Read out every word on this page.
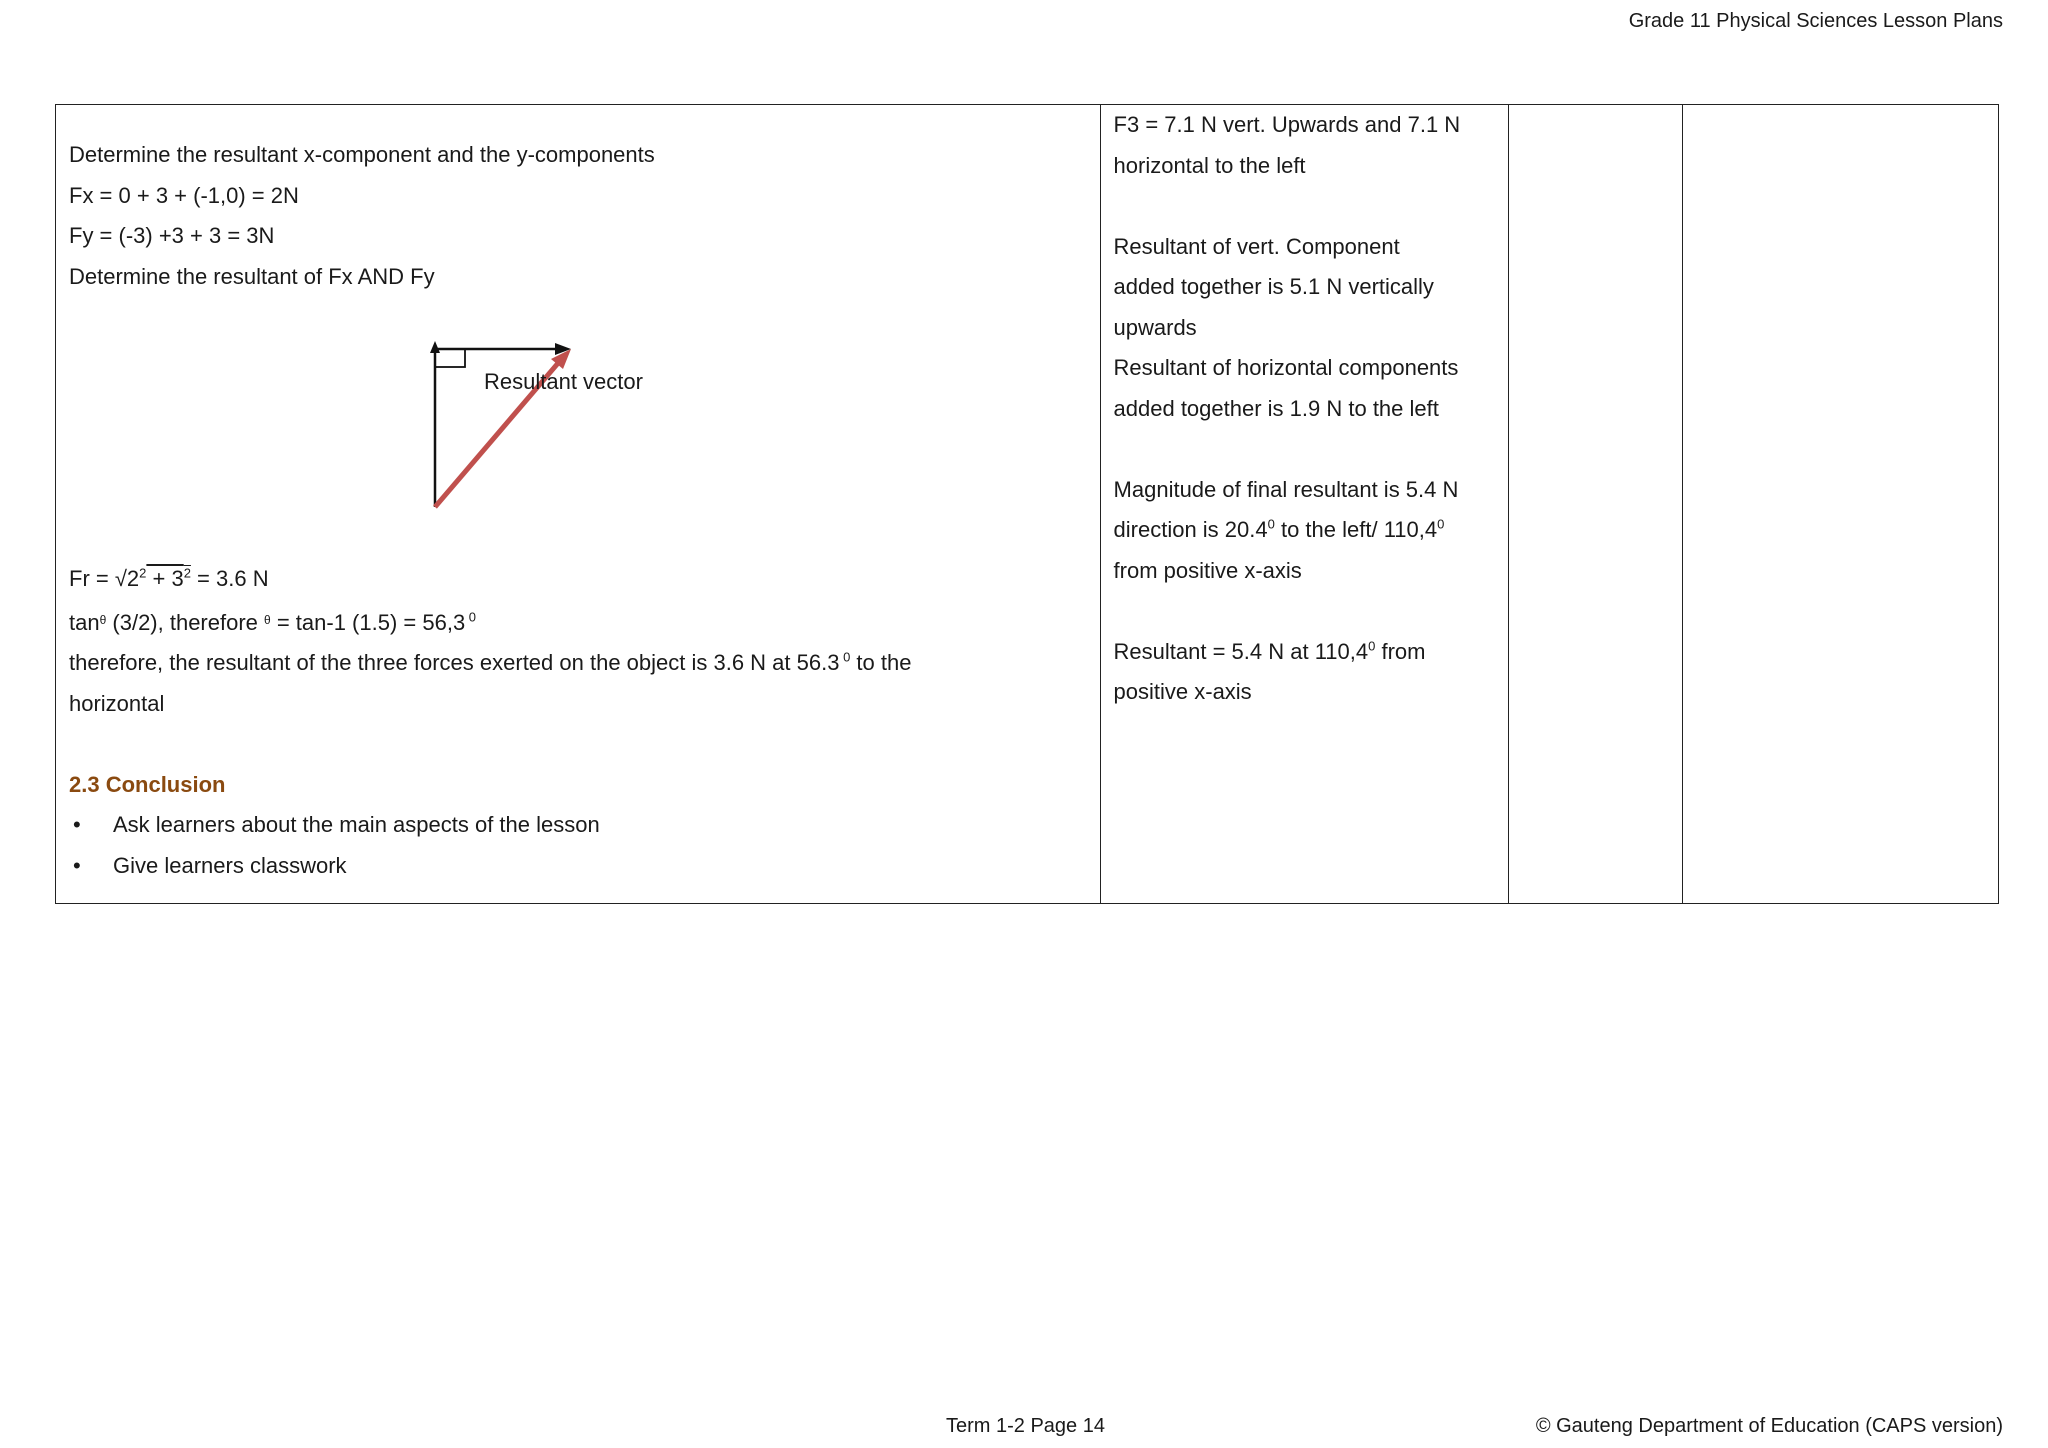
Grade 11 Physical Sciences Lesson Plans
Determine the resultant x-component and the y-components
Fx = 0 + 3 + (-1,0) = 2N
Fy = (-3) +3 + 3 = 3N
Determine the resultant of Fx AND Fy
Resultant vector
$Fr = √2^2 + 3^2 = 3.6$ N
$\tan^\theta (3/2)$, therefore $^\theta$ = tan-1 (1.5) = 56,3 $^0$
therefore, the resultant of the three forces exerted on the object is 3.6 N at 56.3 $^0$ to the
horizontal
2.3 Conclusion
• Ask learners about the main aspects of the lesson
• Give learners classwork

F3 = 7.1 N vert. Upwards and 7.1 N
horizontal to the left
Resultant of vert. Component
added together is 5.1 N vertically
upwards
Resultant of horizontal components
added together is 1.9 N to the left
Magnitude of final resultant is 5.4 N
direction is 20.4$^0$ to the left/ 110,4$^0$
from positive x-axis
Resultant = 5.4 N at 110,4$^0$ from
positive x-axis

Term 1-2 Page 14	© Gauteng Department of Education (CAPS version)
